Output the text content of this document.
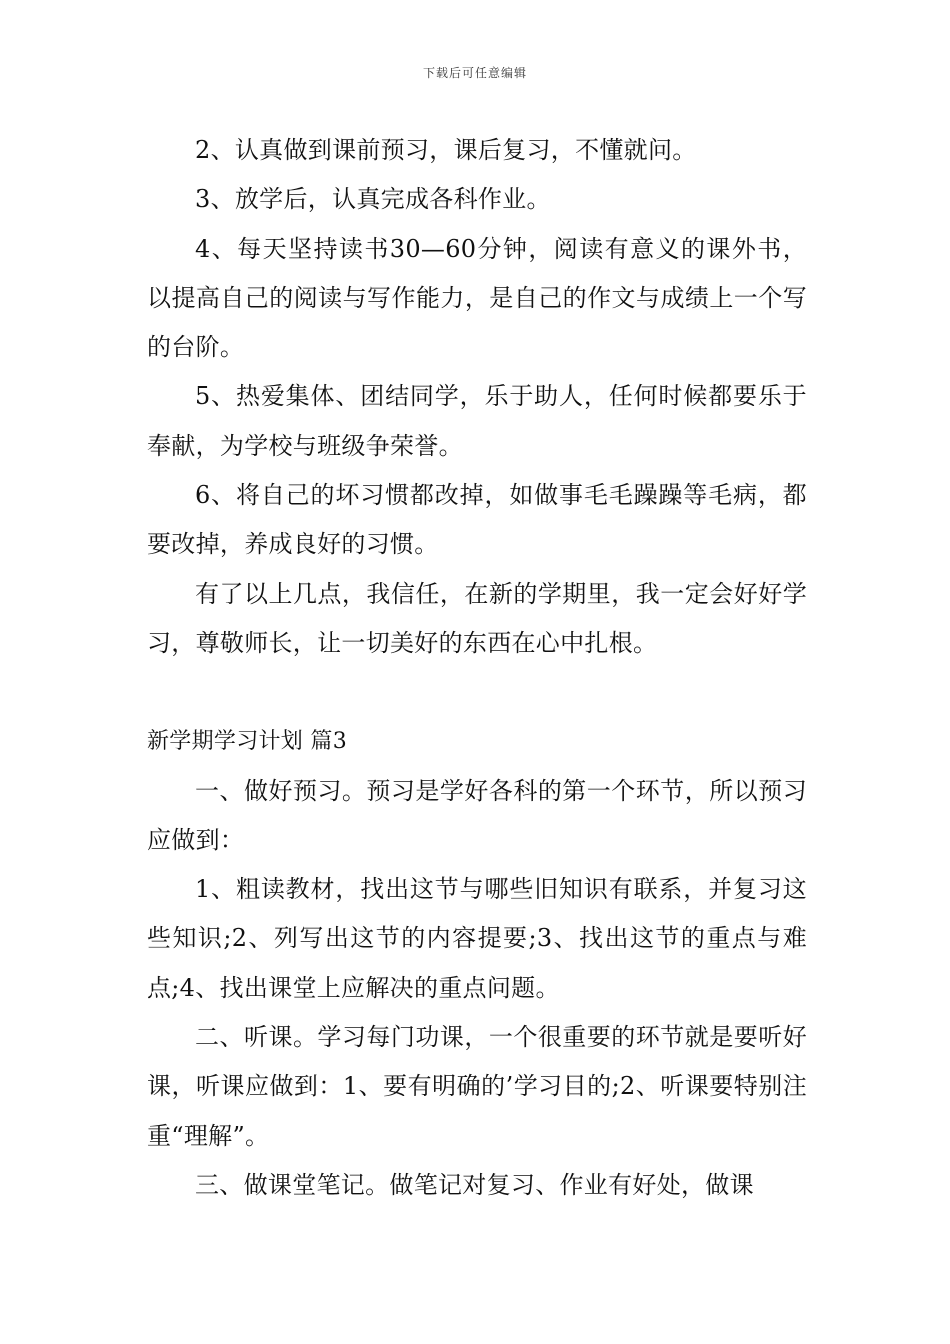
下载后可任意编辑

2、认真做到课前预习，课后复习，不懂就问。

3、放学后，认真完成各科作业。

4、每天坚持读书30—60分钟，阅读有意义的课外书，以提高自己的阅读与写作能力，是自己的作文与成绩上一个写的台阶。

5、热爱集体、团结同学，乐于助人，任何时候都要乐于奉献，为学校与班级争荣誉。

6、将自己的坏习惯都改掉，如做事毛毛躁躁等毛病，都要改掉，养成良好的习惯。

有了以上几点，我信任，在新的学期里，我一定会好好学习，尊敬师长，让一切美好的东西在心中扎根。

新学期学习计划 篇3

一、做好预习。预习是学好各科的第一个环节，所以预习应做到：

1、粗读教材，找出这节与哪些旧知识有联系，并复习这些知识;2、列写出这节的内容提要;3、找出这节的重点与难点;4、找出课堂上应解决的重点问题。

二、听课。学习每门功课，一个很重要的环节就是要听好课，听课应做到：1、要有明确的’学习目的;2、听课要特别注重“理解”。

三、做课堂笔记。做笔记对复习、作业有好处，做课
